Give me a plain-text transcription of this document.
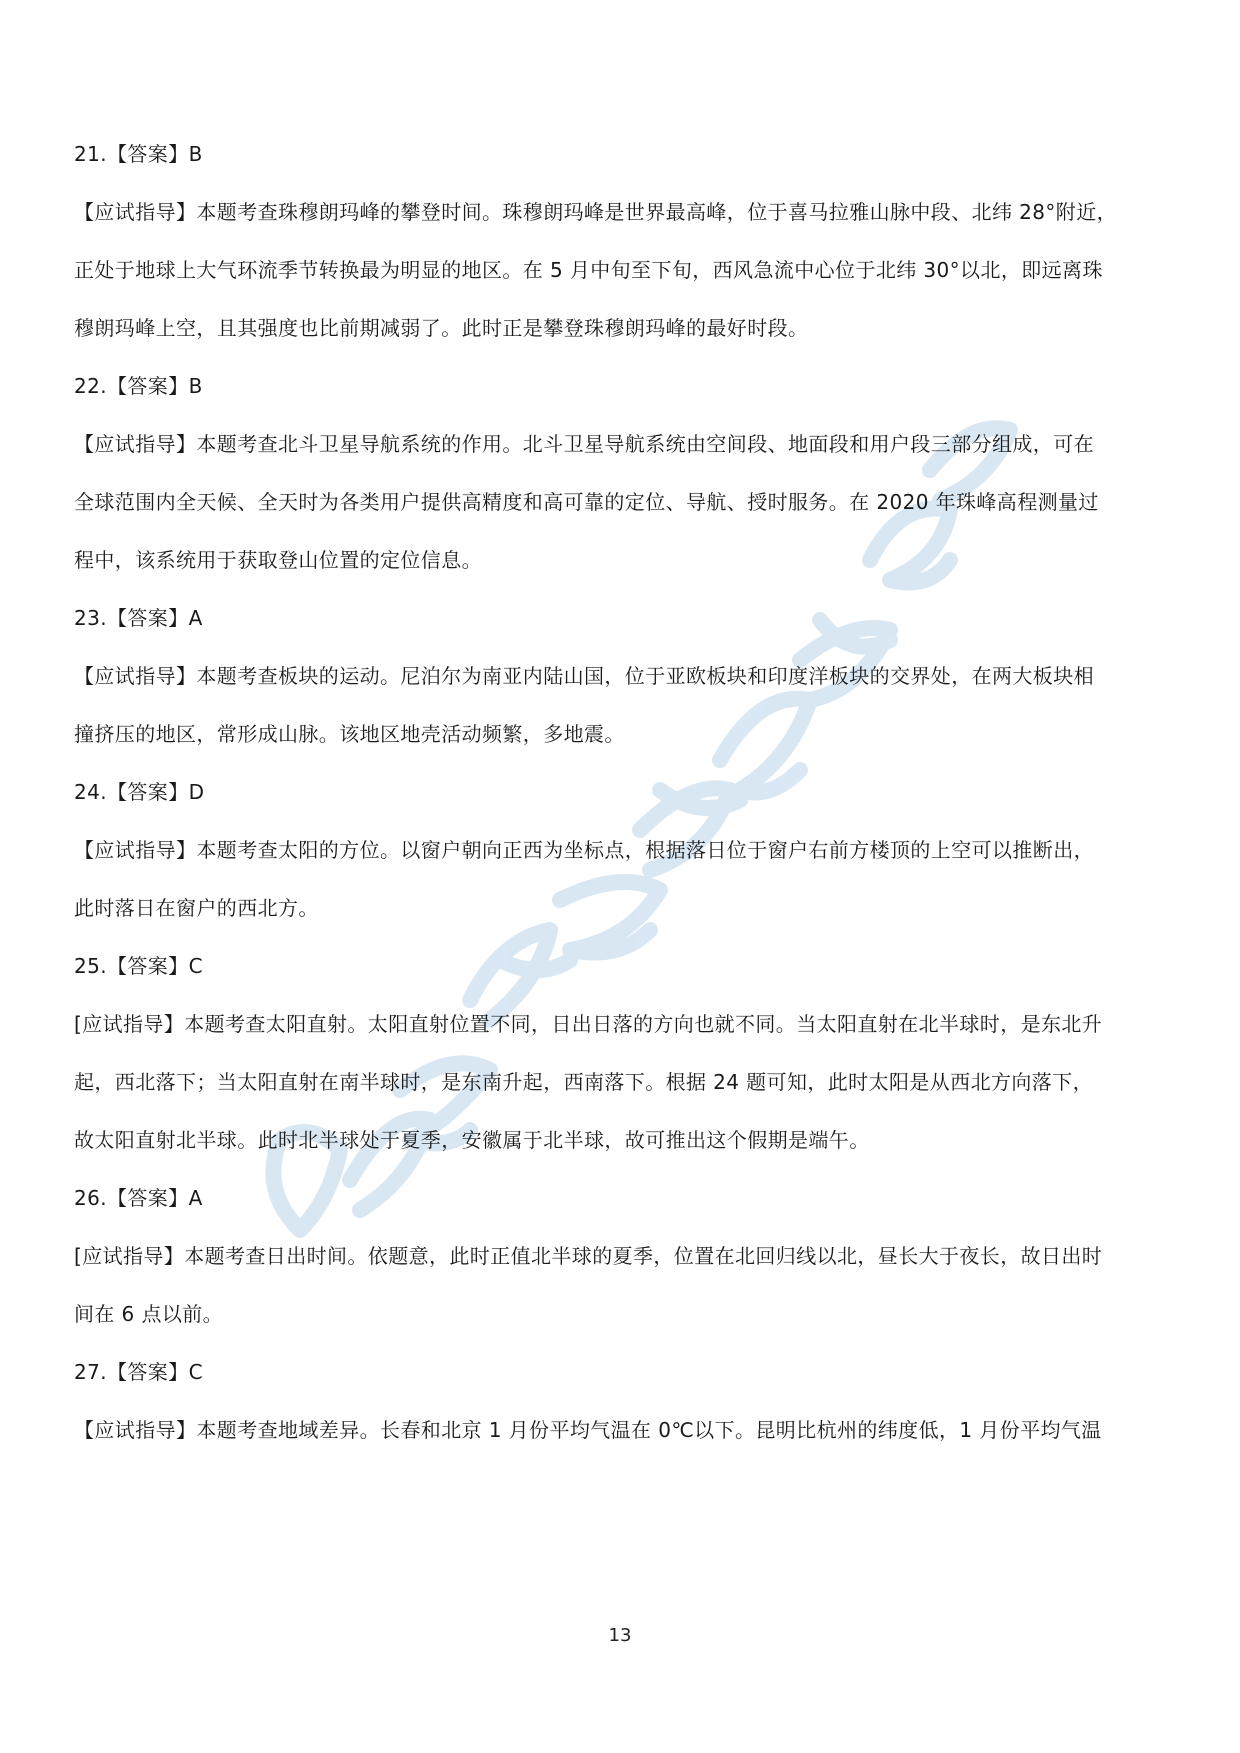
21.【答案】B
【应试指导】本题考查珠穆朗玛峰的攀登时间。珠穆朗玛峰是世界最高峰，位于喜马拉雅山脉中段、北纬 28°附近，
正处于地球上大气环流季节转换最为明显的地区。在 5 月中旬至下旬，西风急流中心位于北纬 30°以北，即远离珠
穆朗玛峰上空，且其强度也比前期减弱了。此时正是攀登珠穆朗玛峰的最好时段。
22.【答案】B
【应试指导】本题考查北斗卫星导航系统的作用。北斗卫星导航系统由空间段、地面段和用户段三部分组成，可在
全球范围内全天候、全天时为各类用户提供高精度和高可靠的定位、导航、授时服务。在 2020 年珠峰高程测量过
程中，该系统用于获取登山位置的定位信息。
23.【答案】A
【应试指导】本题考查板块的运动。尼泊尔为南亚内陆山国，位于亚欧板块和印度洋板块的交界处，在两大板块相
撞挤压的地区，常形成山脉。该地区地壳活动频繁，多地震。
24.【答案】D
【应试指导】本题考查太阳的方位。以窗户朝向正西为坐标点，根据落日位于窗户右前方楼顶的上空可以推断出，
此时落日在窗户的西北方。
25.【答案】C
[应试指导】本题考查太阳直射。太阳直射位置不同，日出日落的方向也就不同。当太阳直射在北半球时，是东北升
起，西北落下；当太阳直射在南半球时，是东南升起，西南落下。根据 24 题可知，此时太阳是从西北方向落下，
故太阳直射北半球。此时北半球处于夏季，安徽属于北半球，故可推出这个假期是端午。
26.【答案】A
[应试指导】本题考查日出时间。依题意，此时正值北半球的夏季，位置在北回归线以北，昼长大于夜长，故日出时
间在 6 点以前。
27.【答案】C
【应试指导】本题考查地域差异。长春和北京 1 月份平均气温在 0℃以下。昆明比杭州的纬度低，1 月份平均气温
13
